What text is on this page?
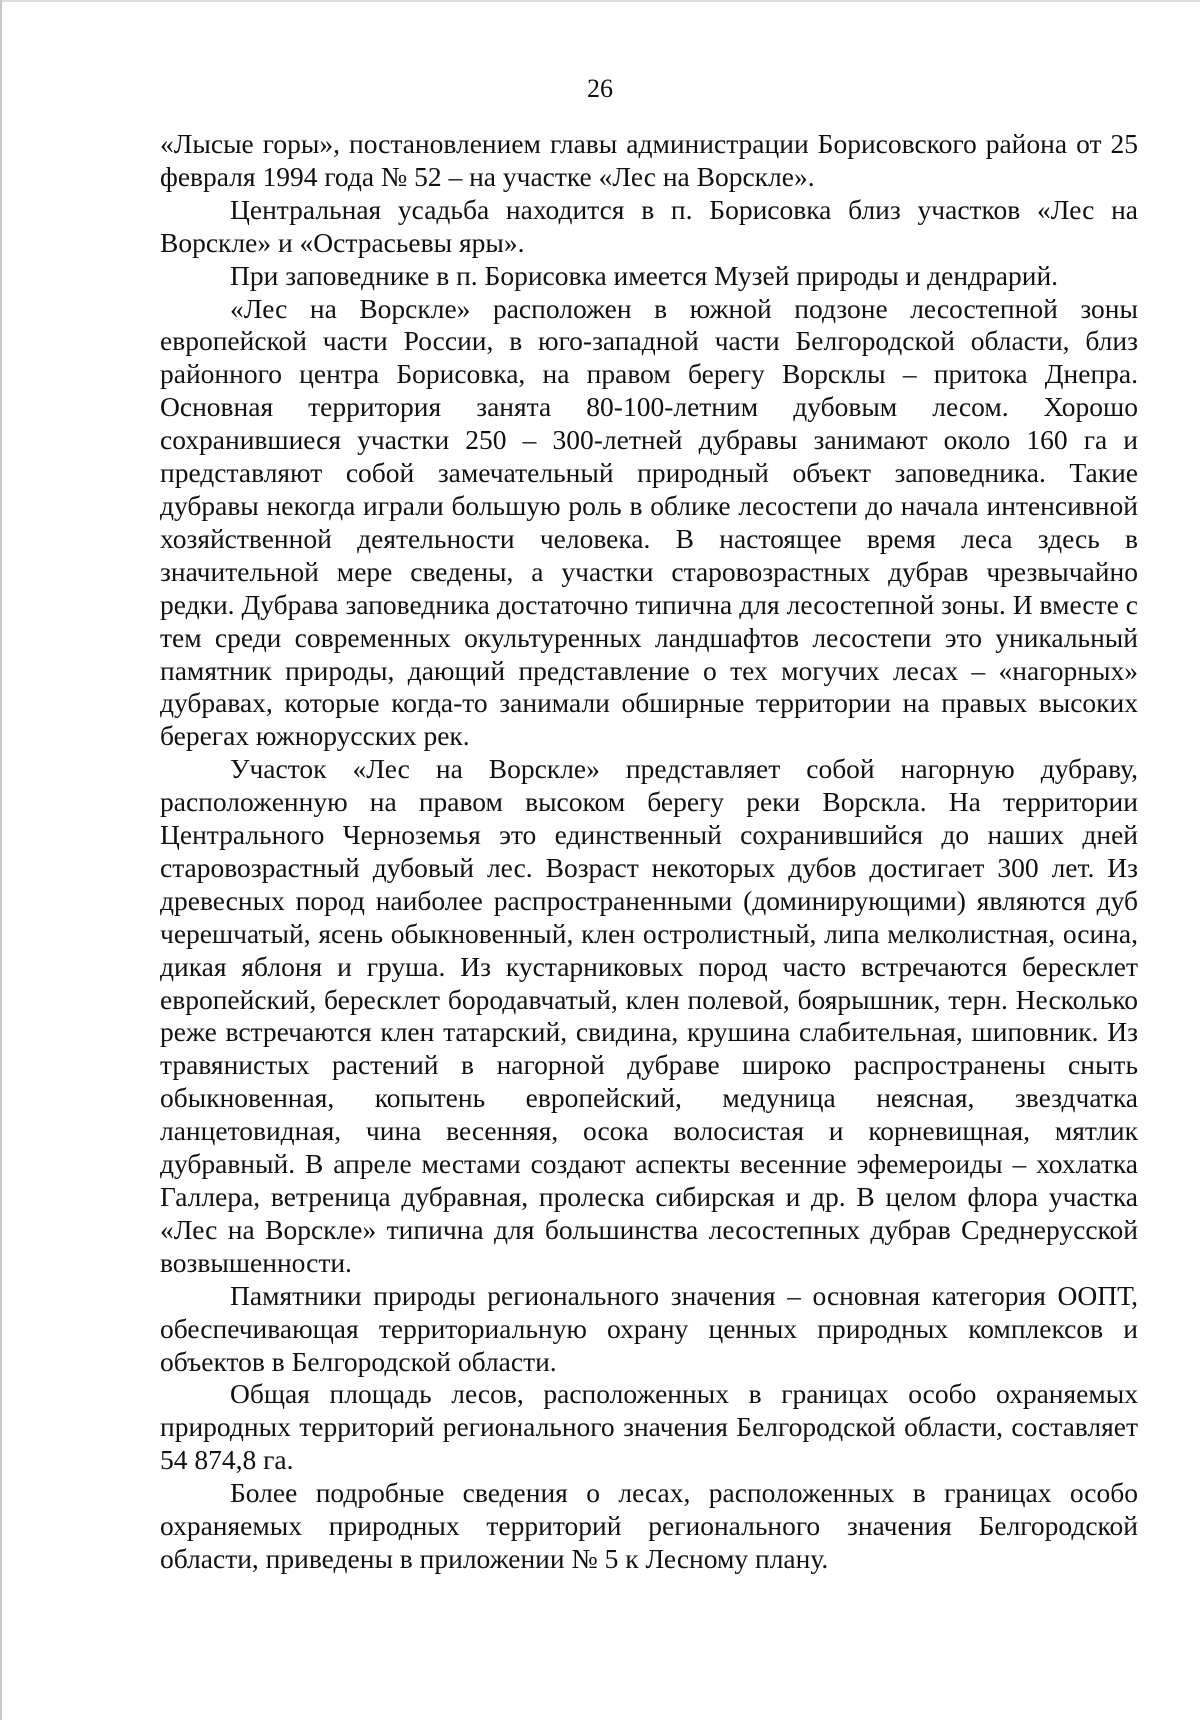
26

«Лысые горы», постановлением главы администрации Борисовского района от 25 февраля 1994 года № 52 – на участке «Лес на Ворскле».

Центральная усадьба находится в п. Борисовка близ участков «Лес на Ворскле» и «Острасьевы яры».

При заповеднике в п. Борисовка имеется Музей природы и дендрарий.

«Лес на Ворскле» расположен в южной подзоне лесостепной зоны европейской части России, в юго-западной части Белгородской области, близ районного центра Борисовка, на правом берегу Ворсклы – притока Днепра. Основная территория занята 80-100-летним дубовым лесом. Хорошо сохранившиеся участки 250 – 300-летней дубравы занимают около 160 га и представляют собой замечательный природный объект заповедника. Такие дубравы некогда играли большую роль в облике лесостепи до начала интенсивной хозяйственной деятельности человека. В настоящее время леса здесь в значительной мере сведены, а участки старовозрастных дубрав чрезвычайно редки. Дубрава заповедника достаточно типична для лесостепной зоны. И вместе с тем среди современных окультуренных ландшафтов лесостепи это уникальный памятник природы, дающий представление о тех могучих лесах – «нагорных» дубравах, которые когда-то занимали обширные территории на правых высоких берегах южнорусских рек.

Участок «Лес на Ворскле» представляет собой нагорную дубраву, расположенную на правом высоком берегу реки Ворскла. На территории Центрального Черноземья это единственный сохранившийся до наших дней старовозрастный дубовый лес. Возраст некоторых дубов достигает 300 лет. Из древесных пород наиболее распространенными (доминирующими) являются дуб черешчатый, ясень обыкновенный, клен остролистный, липа мелколистная, осина, дикая яблоня и груша. Из кустарниковых пород часто встречаются бересклет европейский, бересклет бородавчатый, клен полевой, боярышник, терн. Несколько реже встречаются клен татарский, свидина, крушина слабительная, шиповник. Из травянистых растений в нагорной дубраве широко распространены сныть обыкновенная, копытень европейский, медуница неясная, звездчатка ланцетовидная, чина весенняя, осока волосистая и корневищная, мятлик дубравный. В апреле местами создают аспекты весенние эфемероиды – хохлатка Галлера, ветреница дубравная, пролеска сибирская и др. В целом флора участка «Лес на Ворскле» типична для большинства лесостепных дубрав Среднерусской возвышенности.

Памятники природы регионального значения – основная категория ООПТ, обеспечивающая территориальную охрану ценных природных комплексов и объектов в Белгородской области.

Общая площадь лесов, расположенных в границах особо охраняемых природных территорий регионального значения Белгородской области, составляет 54 874,8 га.

Более подробные сведения о лесах, расположенных в границах особо охраняемых природных территорий регионального значения Белгородской области, приведены в приложении № 5 к Лесному плану.
